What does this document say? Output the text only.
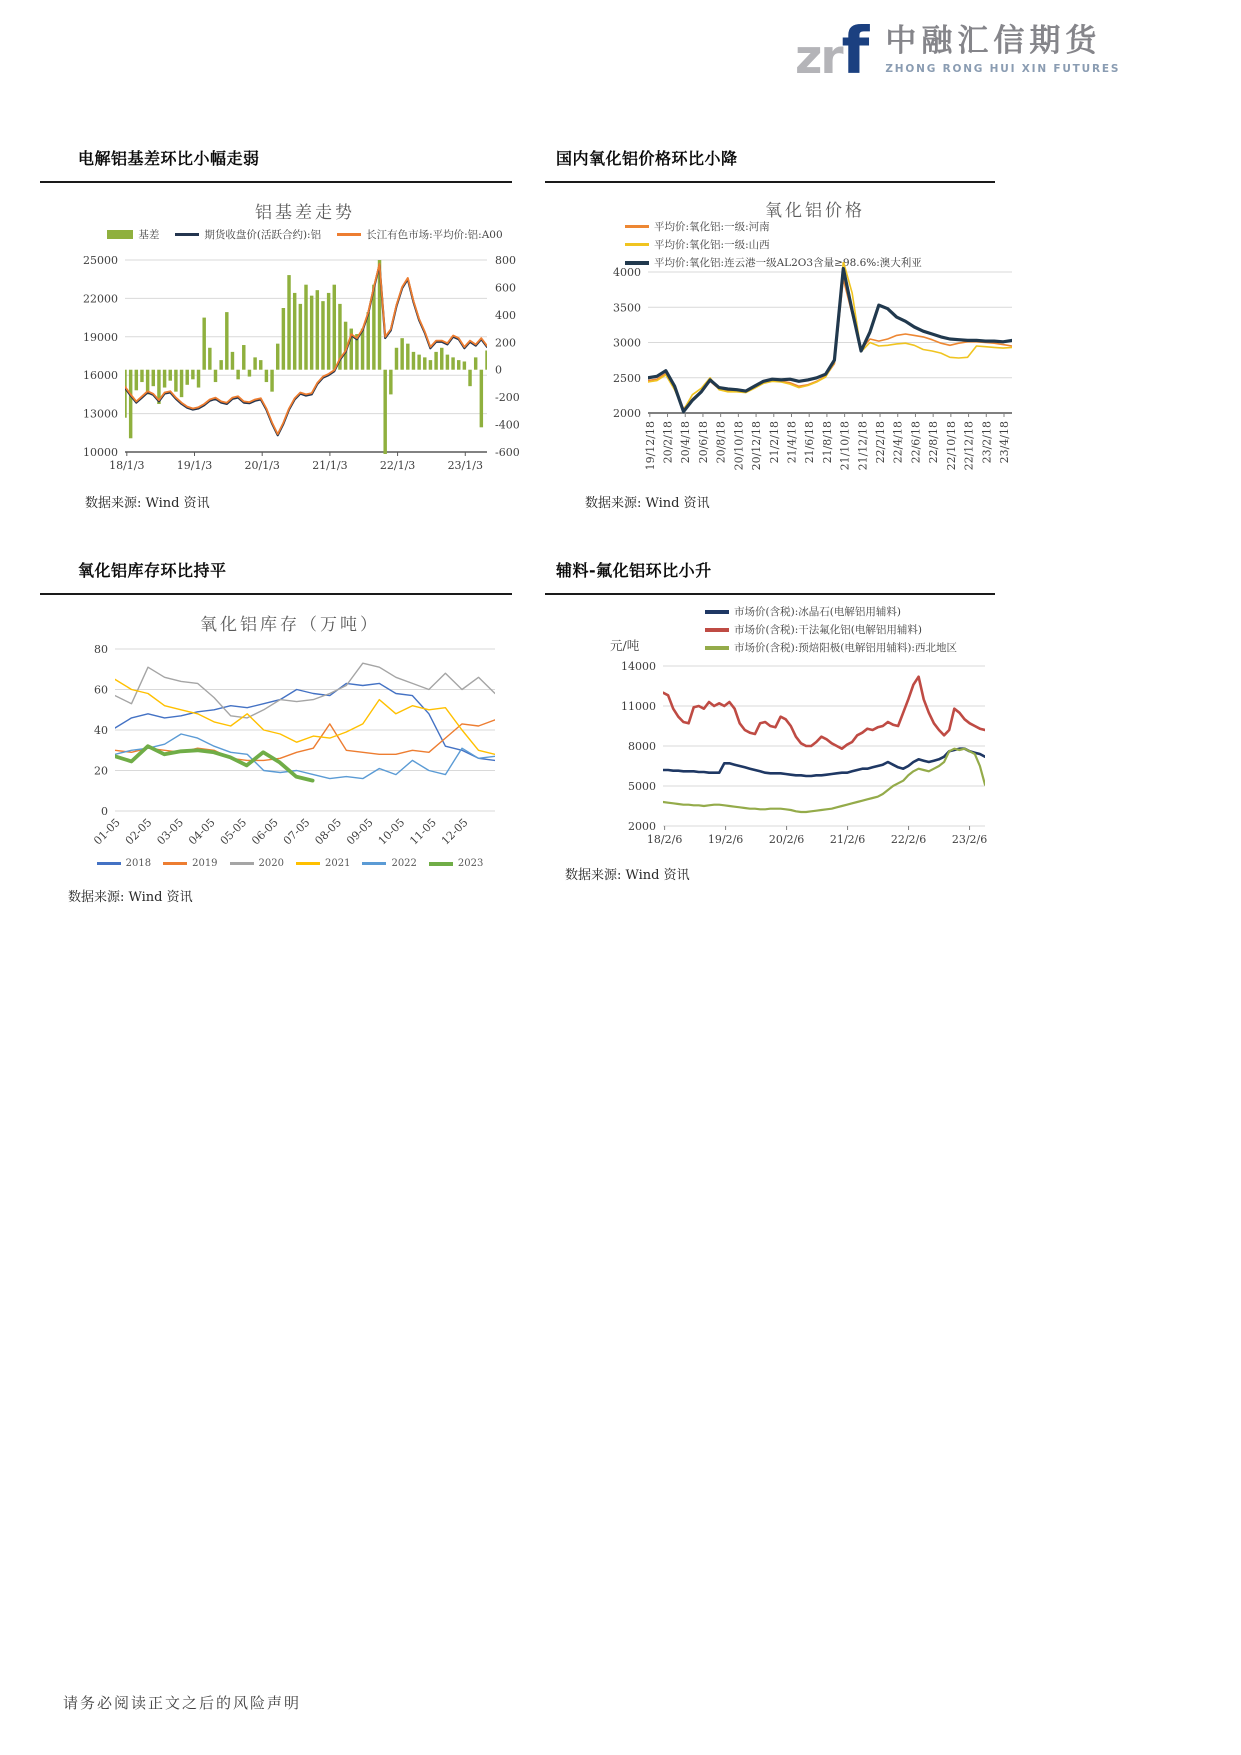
zr f 中融汇信期货
ZHONG RONG HUI XIN FUTURES
电解铝基差环比小幅走弱	国内氧化铝价格环比小降
铝基差走势
基差	期货收盘价(活跃合约):铝	长江有色市场:平均价:铝:A00
10000
13000
16000
19000
22000
25000
-600
-400
-200
0
200
400
600
800
18/1/3	19/1/3	20/1/3	21/1/3	22/1/3	23/1/3
数据来源: Wind 资讯
氧化铝价格
平均价:氧化铝:一级:河南
平均价:氧化铝:一级:山西
平均价:氧化铝:连云港一级AL2O3含量≥98.6%:澳大利亚
2000
2500
3000
3500
4000
19/12/18 20/2/18 20/4/18 20/6/18 20/8/18 20/10/18 20/12/18 21/2/18 21/4/18 21/6/18 21/8/18 21/10/18 21/12/18 22/2/18 22/4/18 22/6/18 22/8/18 22/10/18 22/12/18 23/2/18 23/4/18
数据来源: Wind 资讯
氧化铝库存环比持平	辅料-氟化铝环比小升
氧化铝库存（万吨）
0
20
40
60
80
01-05 02-05 03-05 04-05 05-05 06-05 07-05 08-05 09-05 10-05 11-05 12-05
2018	2019	2020	2021	2022	2023
数据来源: Wind 资讯
市场价(含税):冰晶石(电解铝用辅料)
市场价(含税):干法氟化铝(电解铝用辅料)
市场价(含税):预焙阳极(电解铝用辅料):西北地区
元/吨
2000
5000
8000
11000
14000
18/2/6 19/2/6 20/2/6 21/2/6 22/2/6 23/2/6
数据来源: Wind 资讯
请务必阅读正文之后的风险声明
